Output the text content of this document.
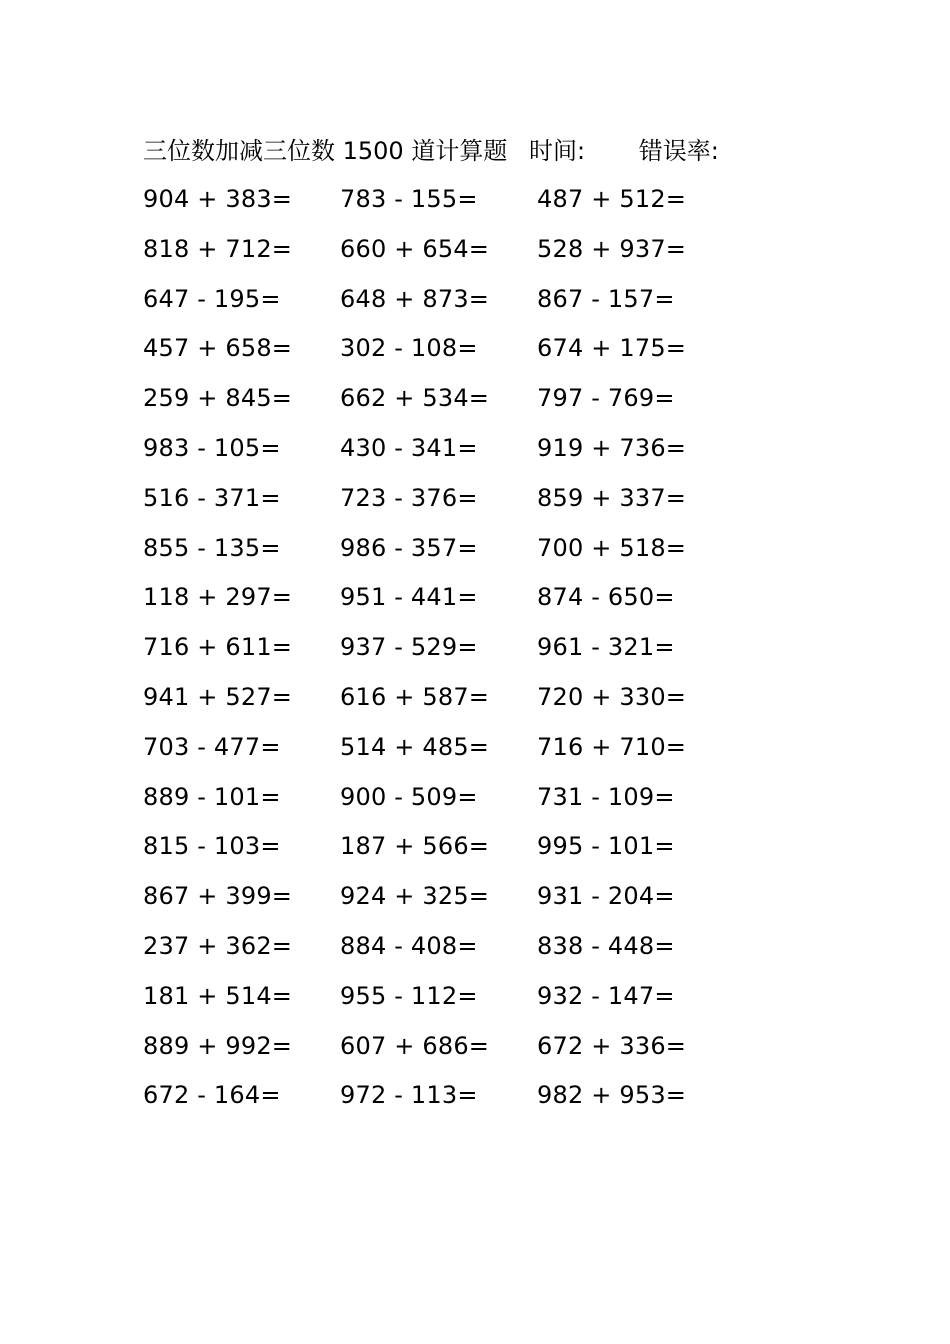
三位数加减三位数 1500 道计算题 时间: 错误率:
904 + 383=	783 - 155=	487 + 512=
818 + 712=	660 + 654=	528 + 937=
647 - 195=	648 + 873=	867 - 157=
457 + 658=	302 - 108=	674 + 175=
259 + 845=	662 + 534=	797 - 769=
983 - 105=	430 - 341=	919 + 736=
516 - 371=	723 - 376=	859 + 337=
855 - 135=	986 - 357=	700 + 518=
118 + 297=	951 - 441=	874 - 650=
716 + 611=	937 - 529=	961 - 321=
941 + 527=	616 + 587=	720 + 330=
703 - 477=	514 + 485=	716 + 710=
889 - 101=	900 - 509=	731 - 109=
815 - 103=	187 + 566=	995 - 101=
867 + 399=	924 + 325=	931 - 204=
237 + 362=	884 - 408=	838 - 448=
181 + 514=	955 - 112=	932 - 147=
889 + 992=	607 + 686=	672 + 336=
672 - 164=	972 - 113=	982 + 953=
